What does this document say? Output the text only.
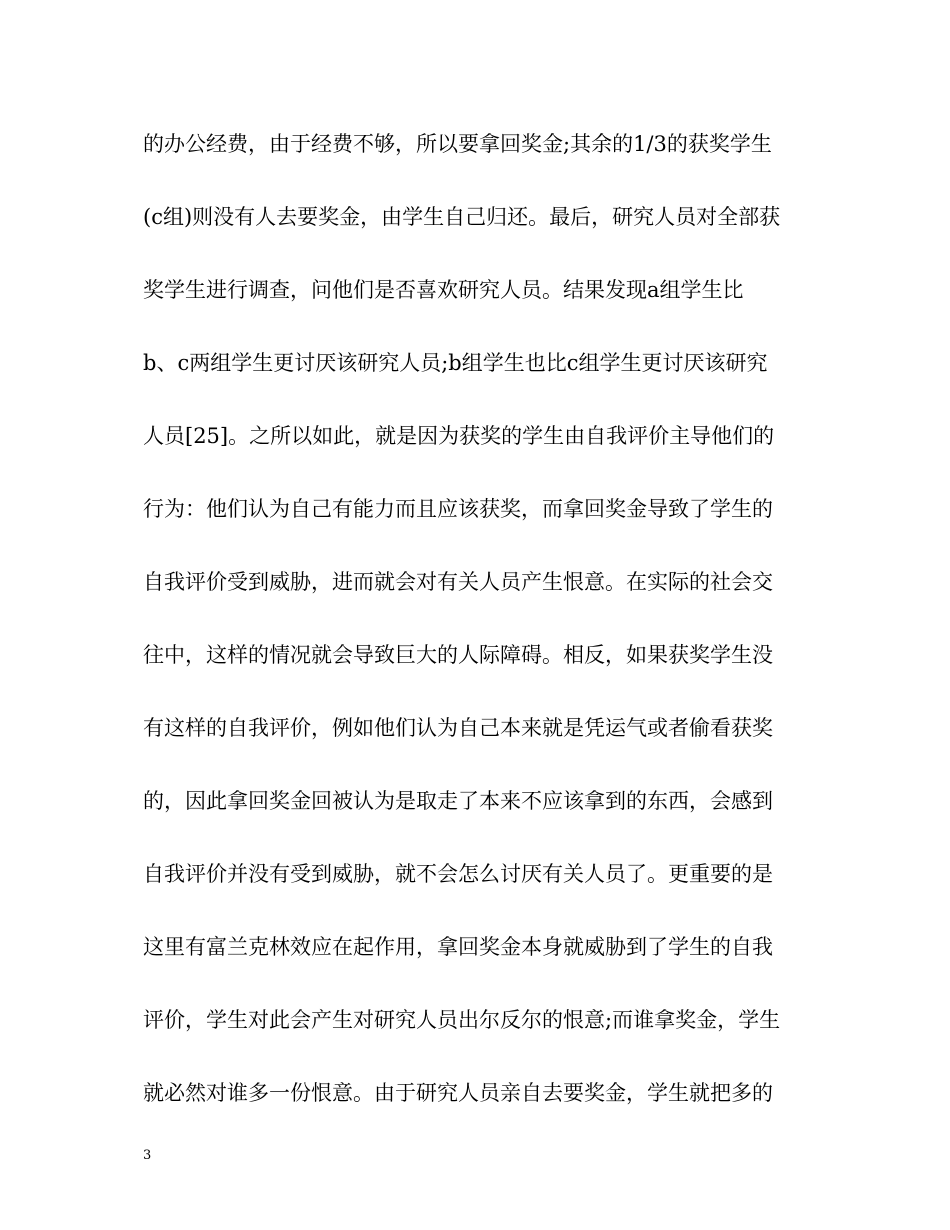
的办公经费，由于经费不够，所以要拿回奖金;其余的1/3的获奖学生
(c组)则没有人去要奖金，由学生自己归还。最后，研究人员对全部获
奖学生进行调查，问他们是否喜欢研究人员。结果发现a组学生比
b、c两组学生更讨厌该研究人员;b组学生也比c组学生更讨厌该研究
人员[25]。之所以如此，就是因为获奖的学生由自我评价主导他们的
行为：他们认为自己有能力而且应该获奖，而拿回奖金导致了学生的
自我评价受到威胁，进而就会对有关人员产生恨意。在实际的社会交
往中，这样的情况就会导致巨大的人际障碍。相反，如果获奖学生没
有这样的自我评价，例如他们认为自己本来就是凭运气或者偷看获奖
的，因此拿回奖金回被认为是取走了本来不应该拿到的东西，会感到
自我评价并没有受到威胁，就不会怎么讨厌有关人员了。更重要的是
这里有富兰克林效应在起作用，拿回奖金本身就威胁到了学生的自我
评价，学生对此会产生对研究人员出尔反尔的恨意;而谁拿奖金，学生
就必然对谁多一份恨意。由于研究人员亲自去要奖金，学生就把多的
3
